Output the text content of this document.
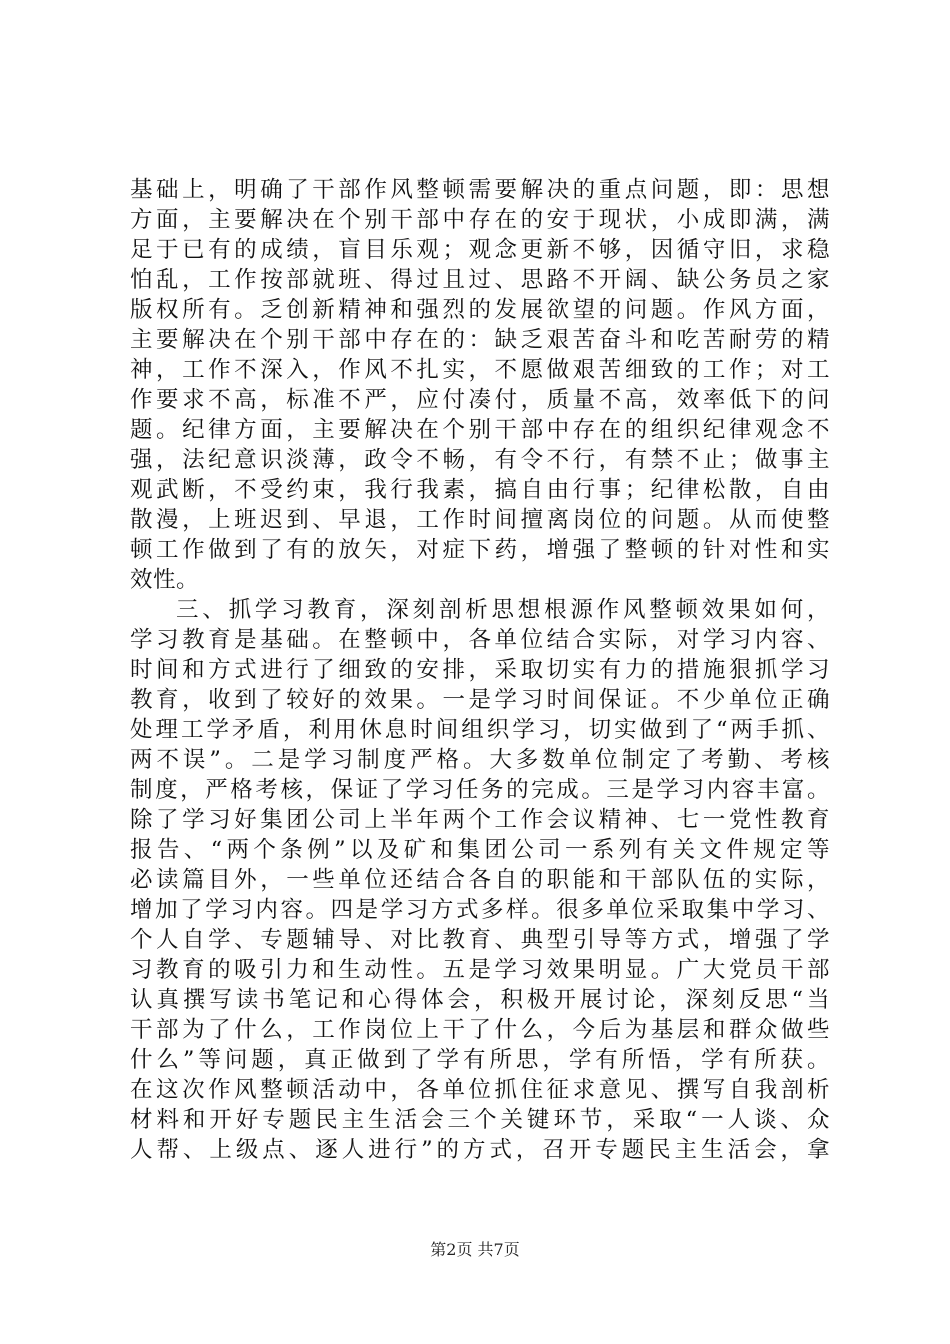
基础上，明确了干部作风整顿需要解决的重点问题，即：思想
方面，主要解决在个别干部中存在的安于现状，小成即满，满
足于已有的成绩，盲目乐观；观念更新不够，因循守旧，求稳
怕乱，工作按部就班、得过且过、思路不开阔、缺公务员之家
版权所有。乏创新精神和强烈的发展欲望的问题。作风方面，
主要解决在个别干部中存在的：缺乏艰苦奋斗和吃苦耐劳的精
神，工作不深入，作风不扎实，不愿做艰苦细致的工作；对工
作要求不高，标准不严，应付凑付，质量不高，效率低下的问
题。纪律方面，主要解决在个别干部中存在的组织纪律观念不
强，法纪意识淡薄，政令不畅，有令不行，有禁不止；做事主
观武断，不受约束，我行我素，搞自由行事；纪律松散，自由
散漫，上班迟到、早退，工作时间擅离岗位的问题。从而使整
顿工作做到了有的放矢，对症下药，增强了整顿的针对性和实
效性。
三、抓学习教育，深刻剖析思想根源作风整顿效果如何，
学习教育是基础。在整顿中，各单位结合实际，对学习内容、
时间和方式进行了细致的安排，采取切实有力的措施狠抓学习
教育，收到了较好的效果。一是学习时间保证。不少单位正确
处理工学矛盾，利用休息时间组织学习，切实做到了“两手抓、
两不误”。二是学习制度严格。大多数单位制定了考勤、考核
制度，严格考核，保证了学习任务的完成。三是学习内容丰富。
除了学习好集团公司上半年两个工作会议精神、七一党性教育
报告、“两个条例”以及矿和集团公司一系列有关文件规定等
必读篇目外，一些单位还结合各自的职能和干部队伍的实际，
增加了学习内容。四是学习方式多样。很多单位采取集中学习、
个人自学、专题辅导、对比教育、典型引导等方式，增强了学
习教育的吸引力和生动性。五是学习效果明显。广大党员干部
认真撰写读书笔记和心得体会，积极开展讨论，深刻反思“当
干部为了什么，工作岗位上干了什么，今后为基层和群众做些
什么”等问题，真正做到了学有所思，学有所悟，学有所获。
在这次作风整顿活动中，各单位抓住征求意见、撰写自我剖析
材料和开好专题民主生活会三个关键环节，采取“一人谈、众
人帮、上级点、逐人进行”的方式，召开专题民主生活会，拿
第2页 共7页
